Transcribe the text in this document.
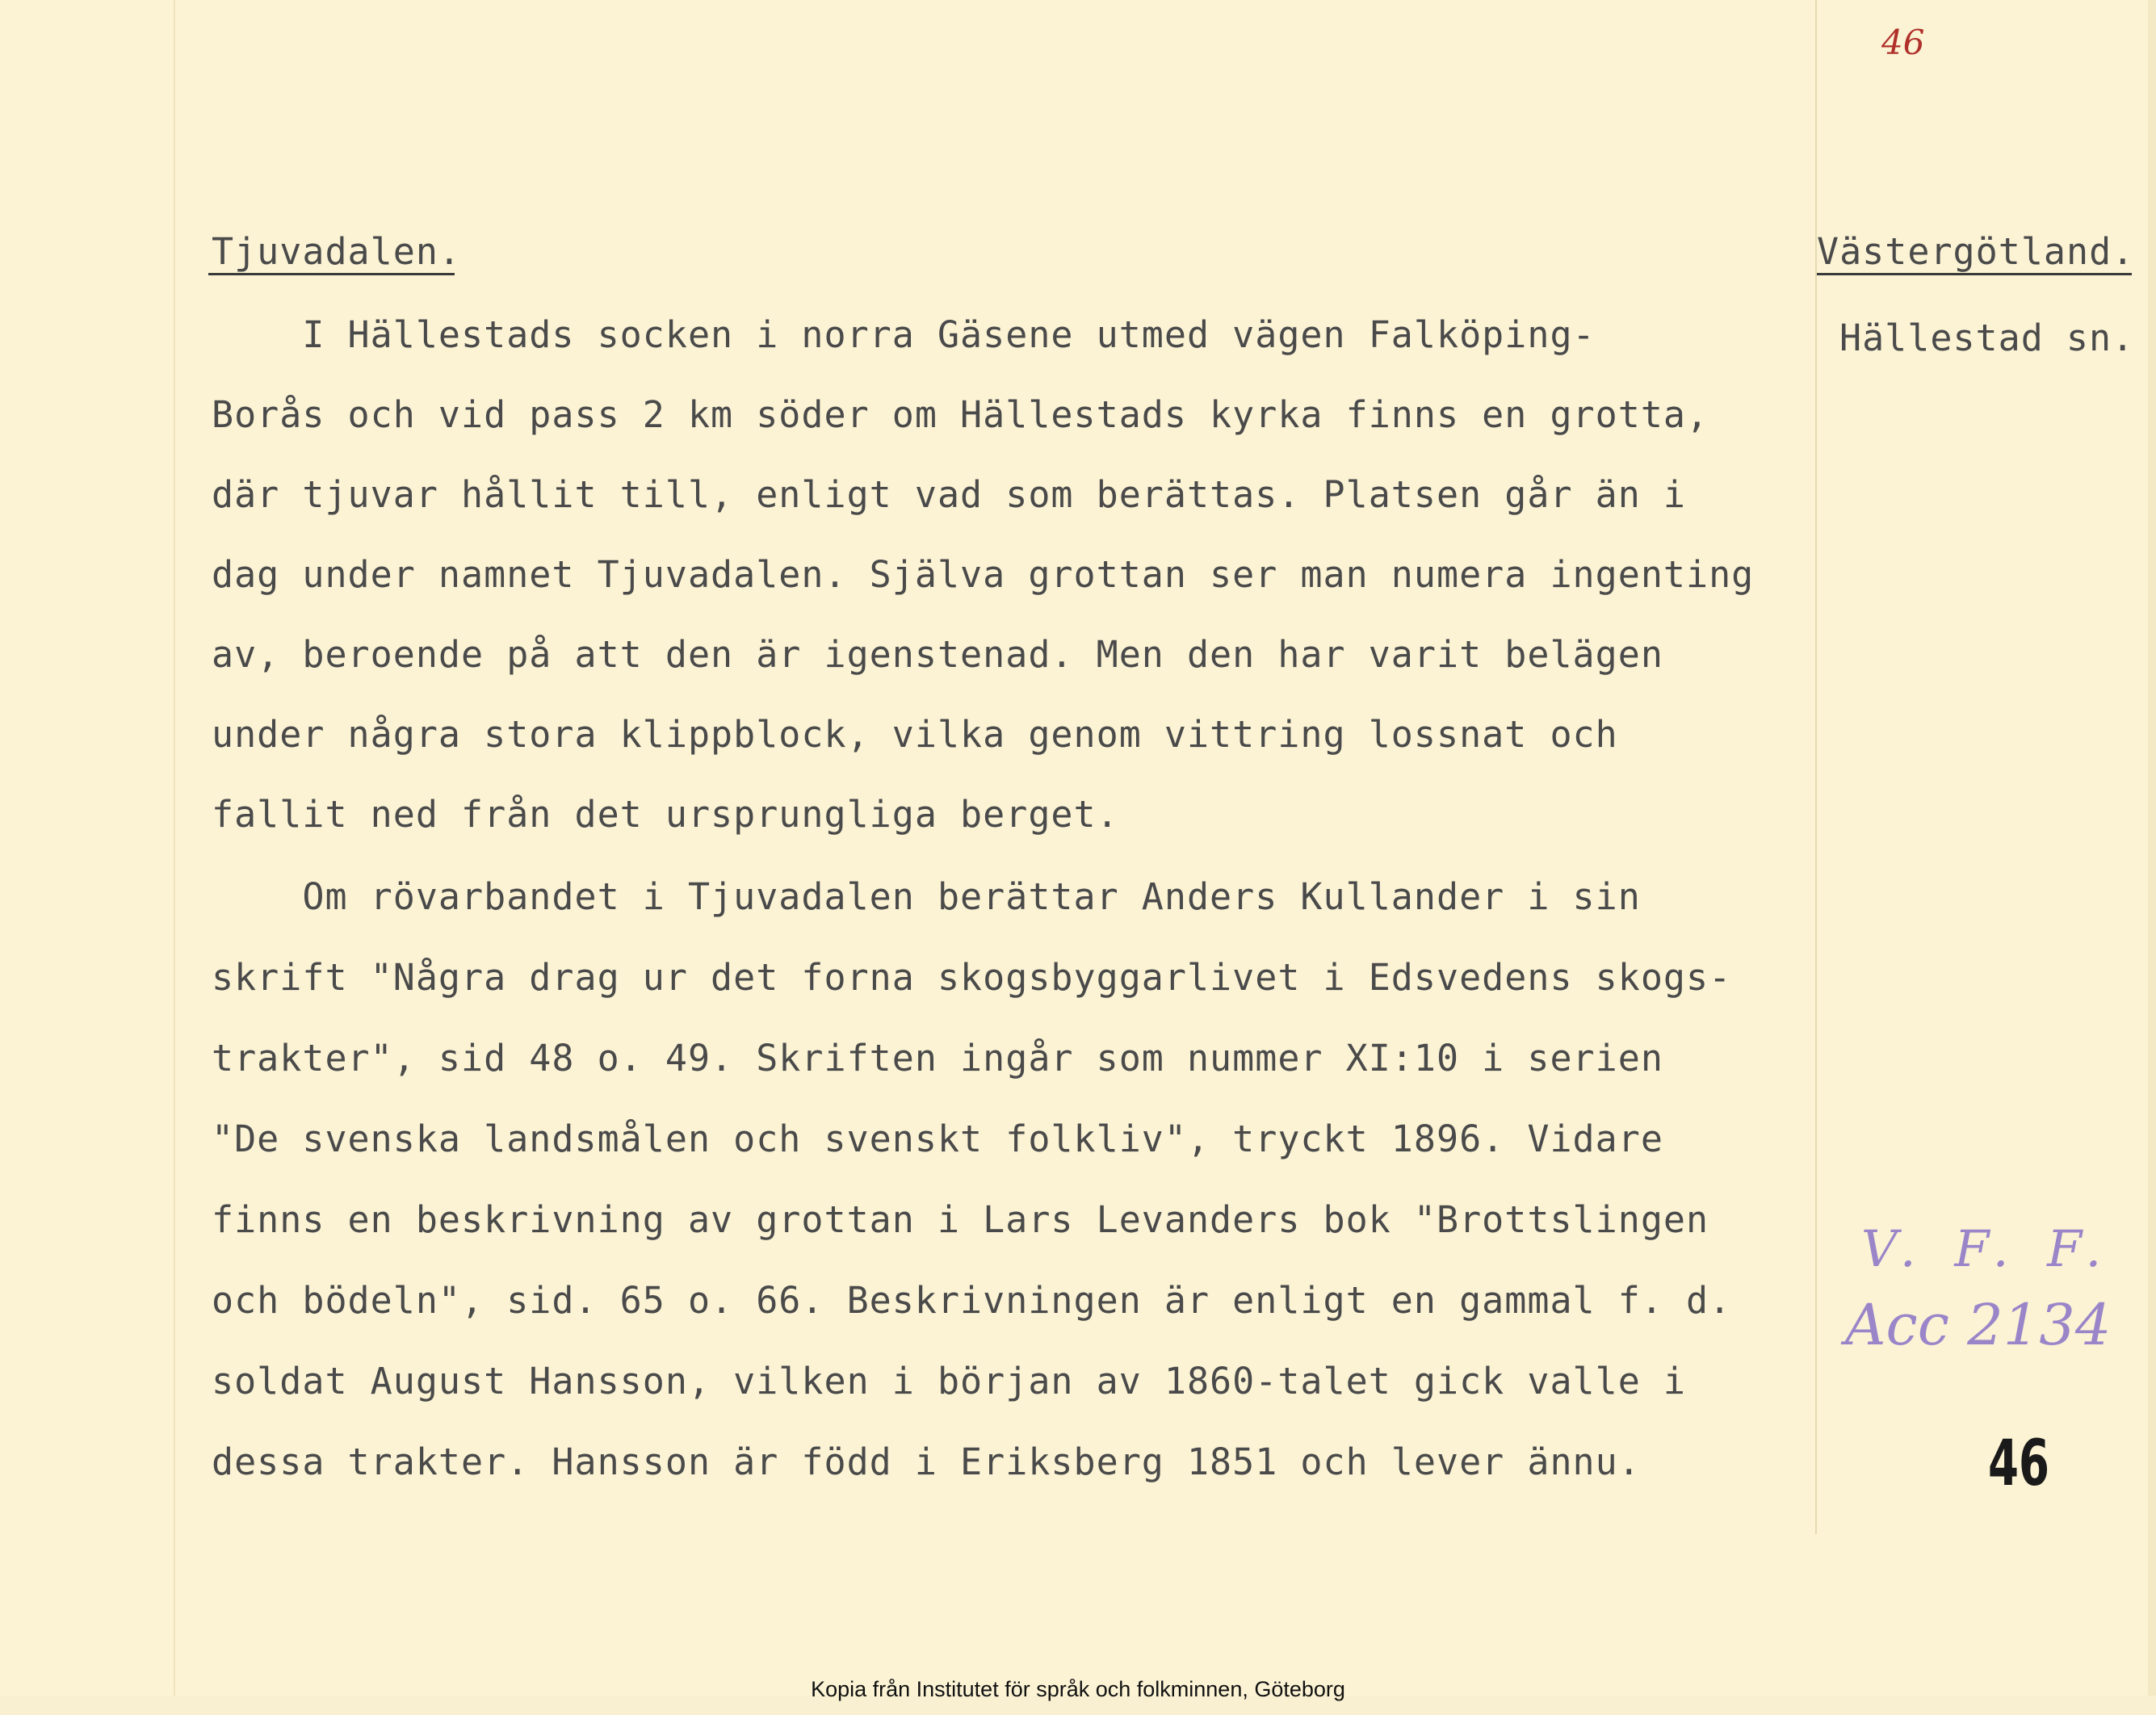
46
Tjuvadalen.	Västergötland.
Hällestad sn.
I Hällestads socken i norra Gäsene utmed vägen Falköping-
Borås och vid pass 2 km söder om Hällestads kyrka finns en grotta,
där tjuvar hållit till, enligt vad som berättas. Platsen går än i
dag under namnet Tjuvadalen. Själva grottan ser man numera ingenting
av, beroende på att den är igenstenad. Men den har varit belägen
under några stora klippblock, vilka genom vittring lossnat och
fallit ned från det ursprungliga berget.
Om rövarbandet i Tjuvadalen berättar Anders Kullander i sin
skrift "Några drag ur det forna skogsbyggarlivet i Edsvedens skogs-
trakter", sid 48 o. 49. Skriften ingår som nummer XI:10 i serien
"De svenska landsmålen och svenskt folkliv", tryckt 1896. Vidare
finns en beskrivning av grottan i Lars Levanders bok "Brottslingen
och bödeln", sid. 65 o. 66. Beskrivningen är enligt en gammal f. d.
soldat August Hansson, vilken i början av 1860-talet gick valle i
dessa trakter. Hansson är född i Eriksberg 1851 och lever ännu.
V. F. F.
Acc 2134
46
Kopia från Institutet för språk och folkminnen, Göteborg
